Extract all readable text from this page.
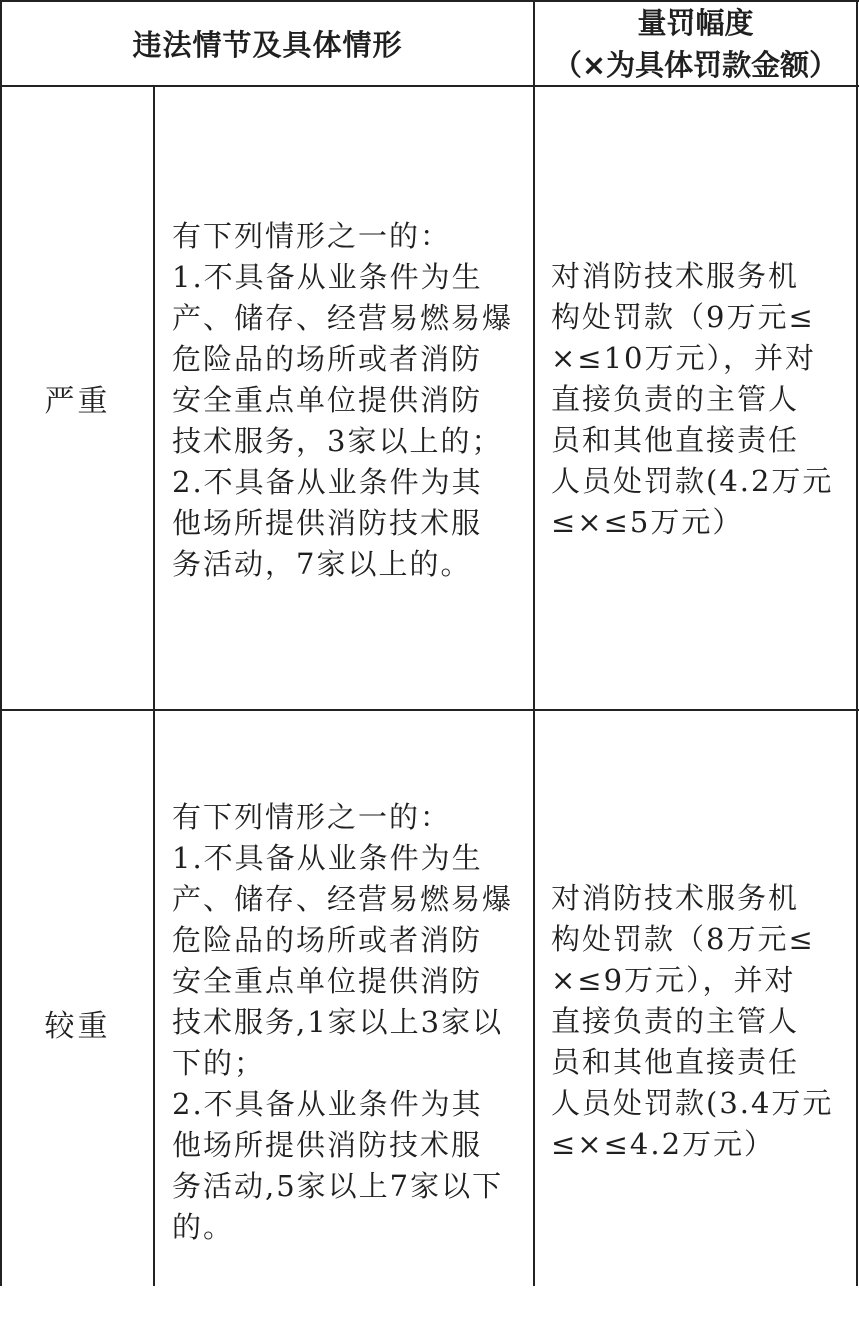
违法情节及具体情形
量罚幅度
（×为具体罚款金额）
严重
有下列情形之一的：
1.不具备从业条件为生
产、储存、经营易燃易爆
危险品的场所或者消防
安全重点单位提供消防
技术服务，3家以上的；
2.不具备从业条件为其
他场所提供消防技术服
务活动，7家以上的。
对消防技术服务机
构处罚款（9万元≤
×≤10万元），并对
直接负责的主管人
员和其他直接责任
人员处罚款(4.2万元
≤×≤5万元）
较重
有下列情形之一的：
1.不具备从业条件为生
产、储存、经营易燃易爆
危险品的场所或者消防
安全重点单位提供消防
技术服务,1家以上3家以
下的；
2.不具备从业条件为其
他场所提供消防技术服
务活动,5家以上7家以下
的。
对消防技术服务机
构处罚款（8万元≤
×≤9万元），并对
直接负责的主管人
员和其他直接责任
人员处罚款(3.4万元
≤×≤4.2万元）
